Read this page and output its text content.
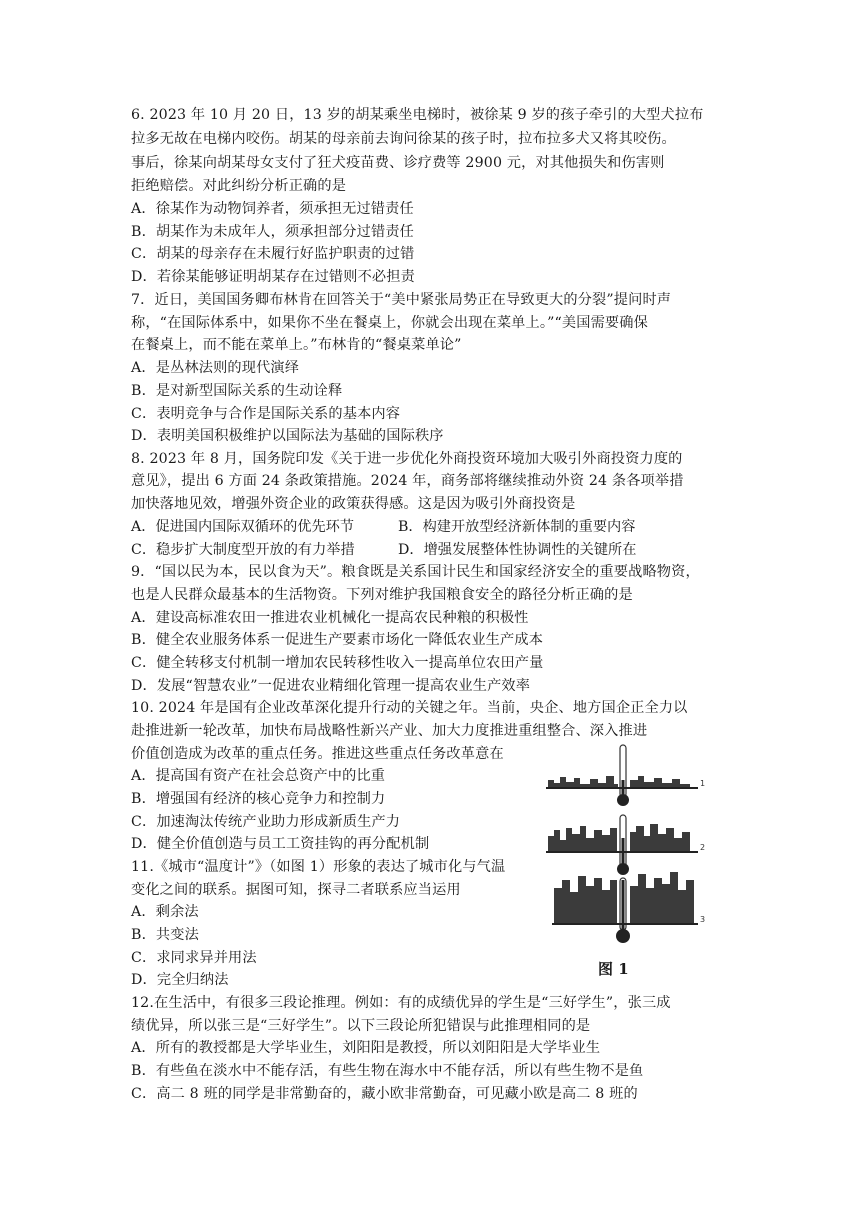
6. 2023 年 10 月 20 日，13 岁的胡某乘坐电梯时，被徐某 9 岁的孩子牵引的大型犬拉布
拉多无故在电梯内咬伤。胡某的母亲前去询问徐某的孩子时，拉布拉多犬又将其咬伤。
事后，徐某向胡某母女支付了狂犬疫苗费、诊疗费等 2900 元，对其他损失和伤害则
拒绝赔偿。对此纠纷分析正确的是
A．徐某作为动物饲养者，须承担无过错责任
B．胡某作为未成年人，须承担部分过错责任
C．胡某的母亲存在未履行好监护职责的过错
D．若徐某能够证明胡某存在过错则不必担责
7．近日，美国国务卿布林肯在回答关于“美中紧张局势正在导致更大的分裂”提问时声
称，“在国际体系中，如果你不坐在餐桌上，你就会出现在菜单上。”“美国需要确保
在餐桌上，而不能在菜单上。”布林肯的“餐桌菜单论”
A．是丛林法则的现代演绎
B．是对新型国际关系的生动诠释
C．表明竞争与合作是国际关系的基本内容
D．表明美国积极维护以国际法为基础的国际秩序
8. 2023 年 8 月，国务院印发《关于进一步优化外商投资环境加大吸引外商投资力度的
意见》，提出 6 方面 24 条政策措施。2024 年，商务部将继续推动外资 24 条各项举措
加快落地见效，增强外资企业的政策获得感。这是因为吸引外商投资是
A．促进国内国际双循环的优先环节	B．构建开放型经济新体制的重要内容
C．稳步扩大制度型开放的有力举措	D．增强发展整体性协调性的关键所在
9．“国以民为本，民以食为天”。粮食既是关系国计民生和国家经济安全的重要战略物资，
也是人民群众最基本的生活物资。下列对维护我国粮食安全的路径分析正确的是
A．建设高标准农田一推进农业机械化一提高农民种粮的积极性
B．健全农业服务体系一促进生产要素市场化一降低农业生产成本
C．健全转移支付机制一增加农民转移性收入一提高单位农田产量
D．发展“智慧农业”一促进农业精细化管理一提高农业生产效率
10. 2024 年是国有企业改革深化提升行动的关键之年。当前，央企、地方国企正全力以
赴推进新一轮改革，加快布局战略性新兴产业、加大力度推进重组整合、深入推进
价值创造成为改革的重点任务。推进这些重点任务改革意在
A．提高国有资产在社会总资产中的比重
B．增强国有经济的核心竞争力和控制力
C．加速淘汰传统产业助力形成新质生产力
D．健全价值创造与员工工资挂钩的再分配机制
11.《城市“温度计”》（如图 1）形象的表达了城市化与气温
变化之间的联系。据图可知，探寻二者联系应当运用
A．剩余法
B．共变法
C．求同求异并用法
D．完全归纳法
1
2
3
图 1
12.在生活中，有很多三段论推理。例如：有的成绩优异的学生是“三好学生”，张三成
绩优异，所以张三是“三好学生”。以下三段论所犯错误与此推理相同的是
A．所有的教授都是大学毕业生，刘阳阳是教授，所以刘阳阳是大学毕业生
B．有些鱼在淡水中不能存活，有些生物在海水中不能存活，所以有些生物不是鱼
C．高二 8 班的同学是非常勤奋的，藏小欧非常勤奋，可见藏小欧是高二 8 班的
